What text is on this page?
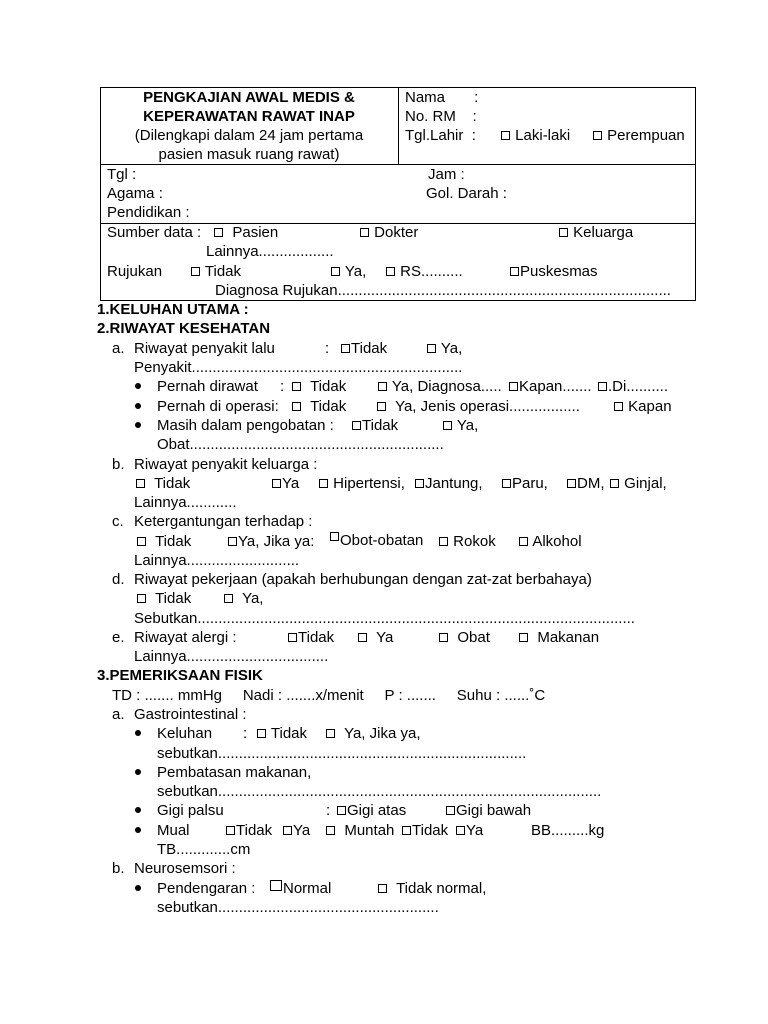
PENGKAJIAN AWAL MEDIS &
KEPERAWATAN RAWAT INAP
(Dilengkapi dalam 24 jam pertama
pasien masuk ruang rawat)
Nama       :
No. RM    :
Tgl.Lahir  :	Laki-laki	Perempuan
Tgl :	Jam :
Agama :	Gol. Darah :
Pendidikan :
Sumber data :	Pasien	Dokter	Keluarga
Lainnya..................
Rujukan	Tidak	Ya,	RS..........	Puskesmas
Diagnosa Rujukan................................................................................
1.KELUHAN UTAMA :
2.RIWAYAT KESEHATAN
a. Riwayat penyakit lalu	:	Tidak	Ya,
Penyakit.................................................................
Pernah dirawat :	Tidak	Ya, Diagnosa.....	Kapan.......	.Di..........
Pernah di operasi:	Tidak	Ya, Jenis operasi.................	Kapan
Masih dalam pengobatan :	Tidak	Ya,
Obat.............................................................
b. Riwayat penyakit keluarga :
Tidak	Ya	Hipertensi,	Jantung,	Paru,	DM,	Ginjal,
Lainnya............
c. Ketergantungan terhadap :
Tidak	Ya, Jika ya:	Obot-obatan	Rokok	Alkohol
Lainnya...........................
d. Riwayat pekerjaan (apakah berhubungan dengan zat-zat berbahaya)
Tidak	Ya,
Sebutkan.........................................................................................................
e. Riwayat alergi :	Tidak	Ya	Obat	Makanan
Lainnya..................................
3.PEMERIKSAAN FISIK
TD : ....... mmHg     Nadi : .......x/menit     P : .......     Suhu : ......˚C
a. Gastrointestinal :
Keluhan :	Tidak	Ya, Jika ya,
sebutkan..........................................................................
Pembatasan makanan,
sebutkan............................................................................................
Gigi palsu	:	Gigi atas	Gigi bawah
Mual	Tidak	Ya	Muntah	Tidak	Ya	BB.........kg
TB.............cm
b. Neurosemsori :
Pendengaran :	Normal	Tidak normal,
sebutkan.....................................................
